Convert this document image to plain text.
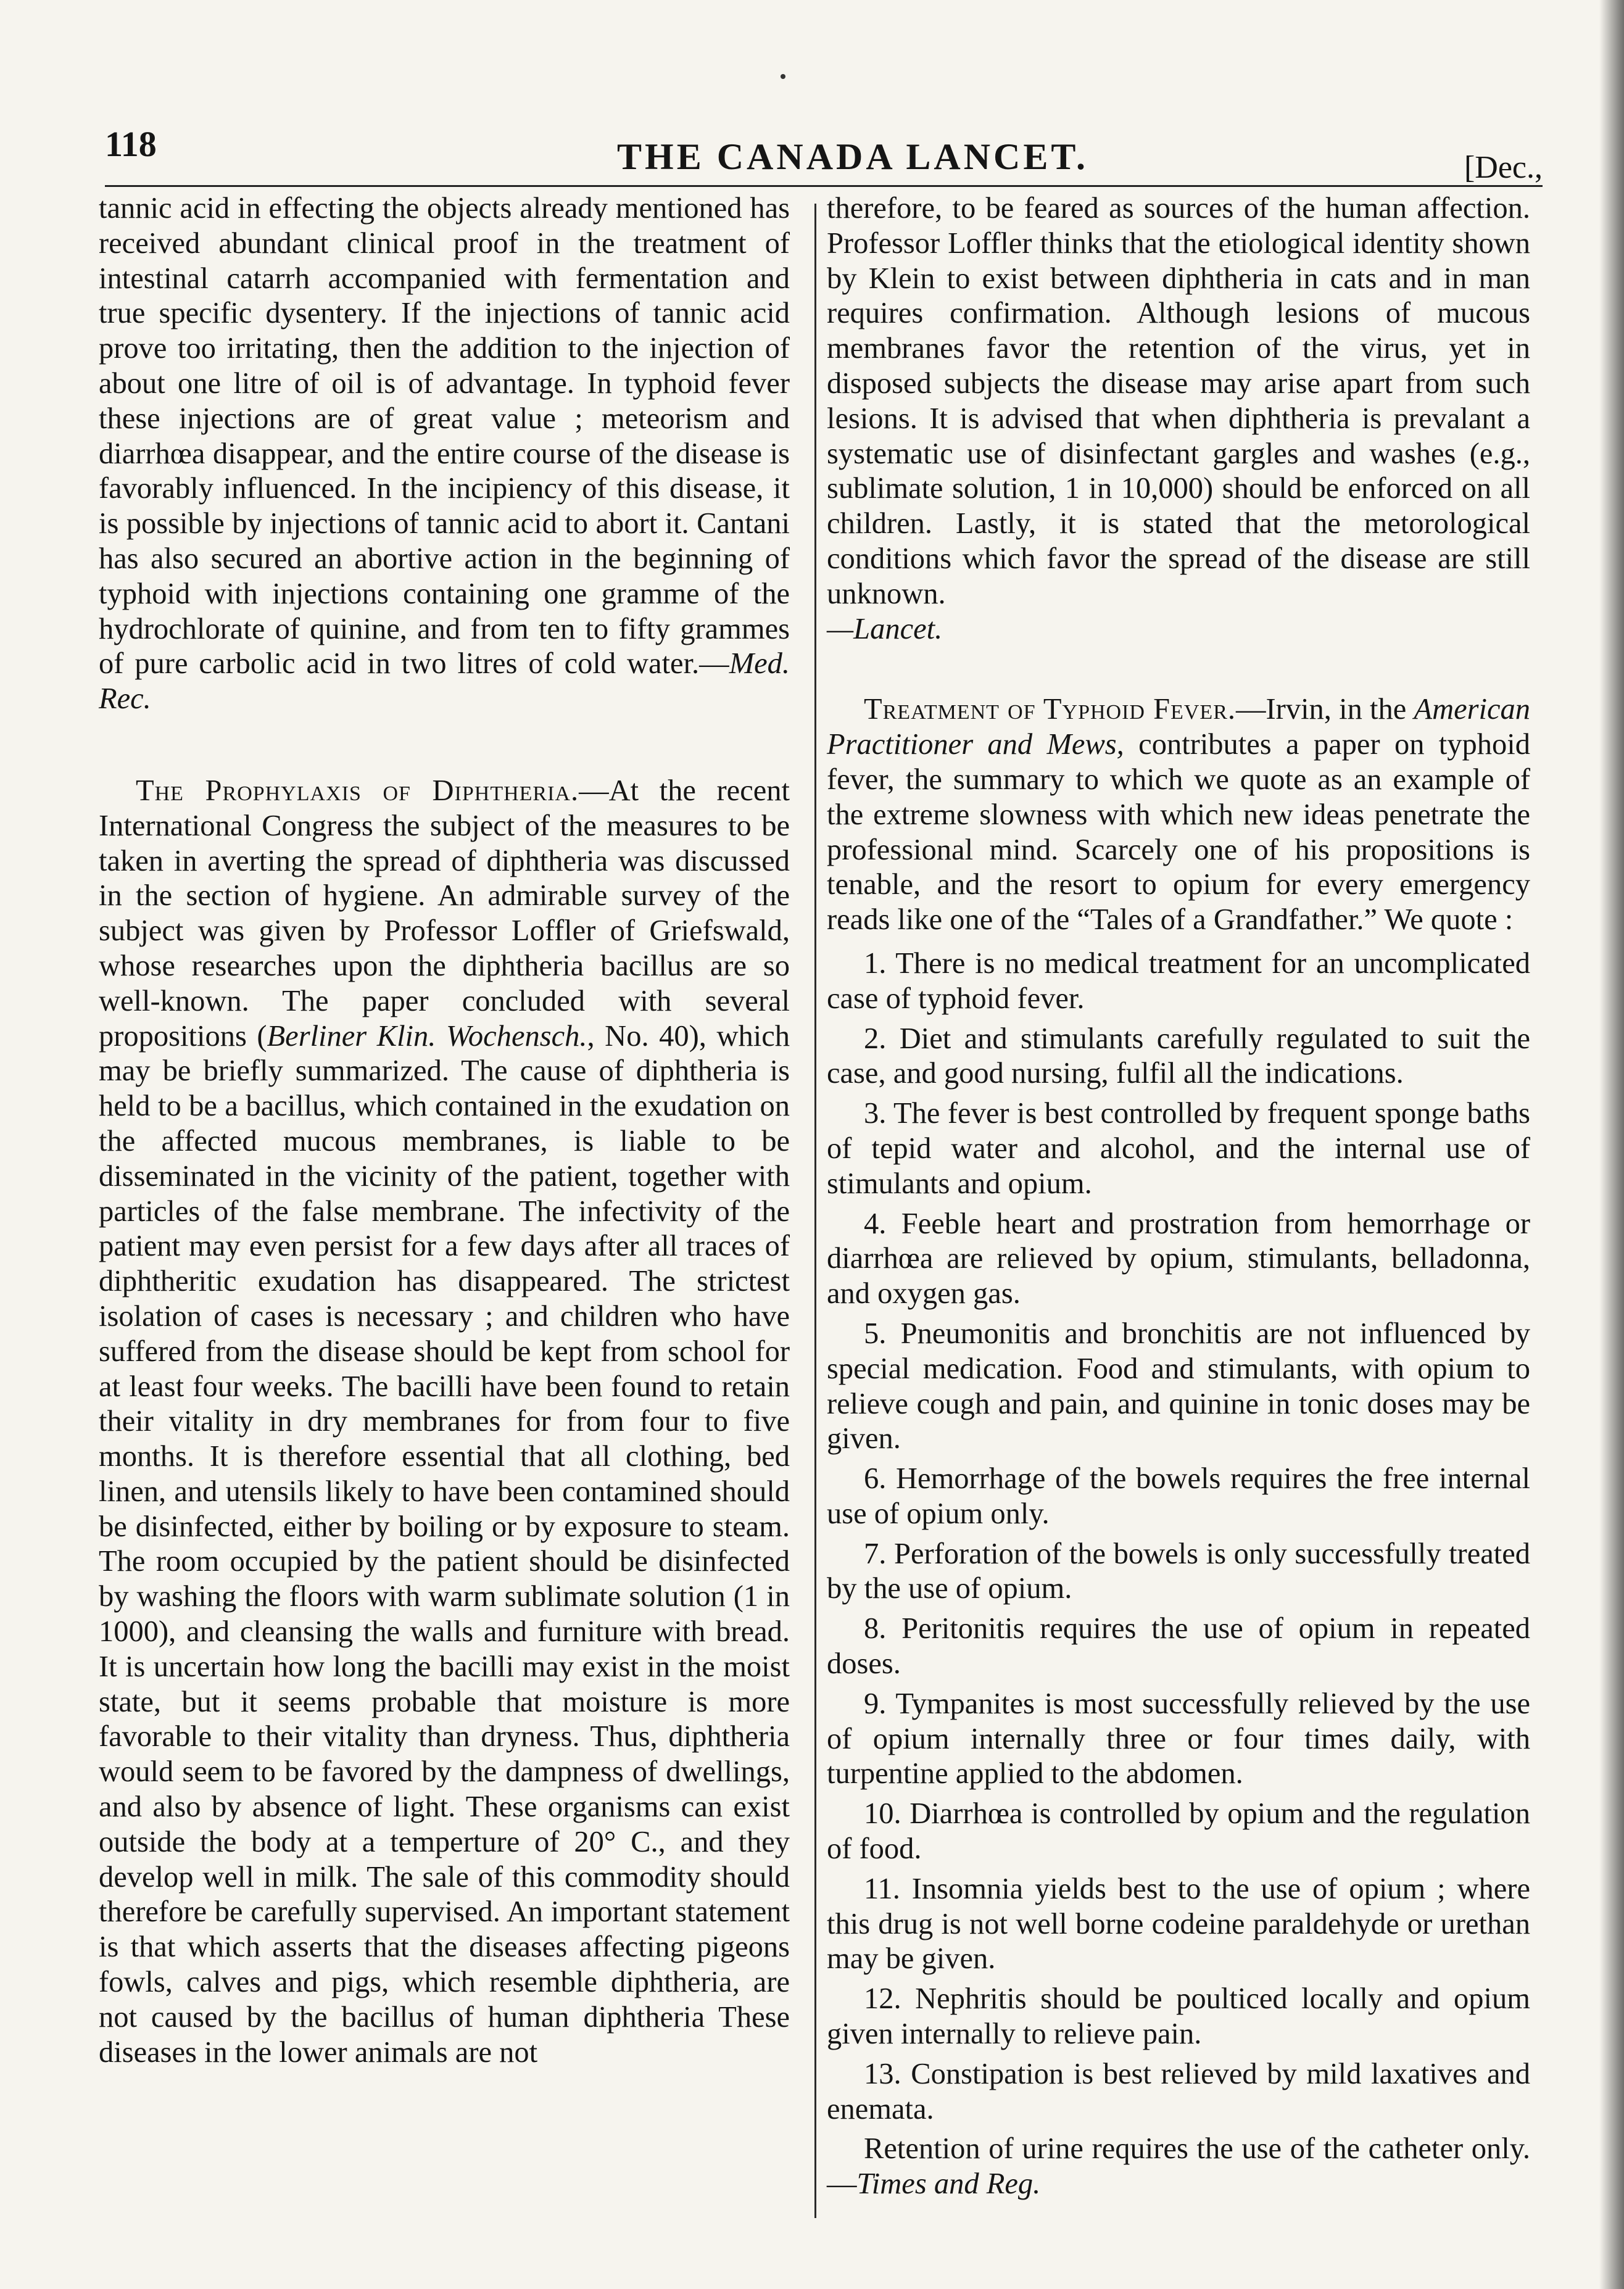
118	THE CANADA LANCET.	[Dec.,

tannic acid in effecting the objects already mentioned has received abundant clinical proof in the treatment of intestinal catarrh accompanied with fermentation and true specific dysentery. If the injections of tannic acid prove too irritating, then the addition to the injection of about one litre of oil is of advantage. In typhoid fever these injections are of great value ; meteorism and diarrhœa disappear, and the entire course of the disease is favorably influenced. In the incipiency of this disease, it is possible by injections of tannic acid to abort it. Cantani has also secured an abortive action in the beginning of typhoid with injections containing one gramme of the hydrochlorate of quinine, and from ten to fifty grammes of pure carbolic acid in two litres of cold water.—Med. Rec.

The Prophylaxis of Diphtheria.—At the recent International Congress the subject of the measures to be taken in averting the spread of diphtheria was discussed in the section of hygiene. An admirable survey of the subject was given by Professor Loffler of Griefswald, whose researches upon the diphtheria bacillus are so well-known. The paper concluded with several propositions (Berliner Klin. Wochensch., No. 40), which may be briefly summarized. The cause of diphtheria is held to be a bacillus, which contained in the exudation on the affected mucous membranes, is liable to be disseminated in the vicinity of the patient, together with particles of the false membrane. The infectivity of the patient may even persist for a few days after all traces of diphtheritic exudation has disappeared. The strictest isolation of cases is necessary ; and children who have suffered from the disease should be kept from school for at least four weeks. The bacilli have been found to retain their vitality in dry membranes for from four to five months. It is therefore essential that all clothing, bed linen, and utensils likely to have been contamined should be disinfected, either by boiling or by exposure to steam. The room occupied by the patient should be disinfected by washing the floors with warm sublimate solution (1 in 1000), and cleansing the walls and furniture with bread. It is uncertain how long the bacilli may exist in the moist state, but it seems probable that moisture is more favorable to their vitality than dryness. Thus, diphtheria would seem to be favored by the dampness of dwellings, and also by absence of light. These organisms can exist outside the body at a temperture of 20° C., and they develop well in milk. The sale of this commodity should therefore be carefully supervised. An important statement is that which asserts that the diseases affecting pigeons fowls, calves and pigs, which resemble diphtheria, are not caused by the bacillus of human diphtheria These diseases in the lower animals are not

therefore, to be feared as sources of the human affection. Professor Loffler thinks that the etiological identity shown by Klein to exist between diphtheria in cats and in man requires confirmation. Although lesions of mucous membranes favor the retention of the virus, yet in disposed subjects the disease may arise apart from such lesions. It is advised that when diphtheria is prevalant a systematic use of disinfectant gargles and washes (e.g., sublimate solution, 1 in 10,000) should be enforced on all children. Lastly, it is stated that the metorological conditions which favor the spread of the disease are still unknown.
—Lancet.

Treatment of Typhoid Fever.—Irvin, in the American Practitioner and Mews, contributes a paper on typhoid fever, the summary to which we quote as an example of the extreme slowness with which new ideas penetrate the professional mind. Scarcely one of his propositions is tenable, and the resort to opium for every emergency reads like one of the “Tales of a Grandfather.” We quote :

1. There is no medical treatment for an uncomplicated case of typhoid fever.

2. Diet and stimulants carefully regulated to suit the case, and good nursing, fulfil all the indications.

3. The fever is best controlled by frequent sponge baths of tepid water and alcohol, and the internal use of stimulants and opium.

4. Feeble heart and prostration from hemorrhage or diarrhœa are relieved by opium, stimulants, belladonna, and oxygen gas.

5. Pneumonitis and bronchitis are not influenced by special medication. Food and stimulants, with opium to relieve cough and pain, and quinine in tonic doses may be given.

6. Hemorrhage of the bowels requires the free internal use of opium only.

7. Perforation of the bowels is only successfully treated by the use of opium.

8. Peritonitis requires the use of opium in repeated doses.

9. Tympanites is most successfully relieved by the use of opium internally three or four times daily, with turpentine applied to the abdomen.

10. Diarrhœa is controlled by opium and the regulation of food.

11. Insomnia yields best to the use of opium ; where this drug is not well borne codeine paraldehyde or urethan may be given.

12. Nephritis should be poulticed locally and opium given internally to relieve pain.

13. Constipation is best relieved by mild laxatives and enemata.

Retention of urine requires the use of the catheter only.—Times and Reg.
